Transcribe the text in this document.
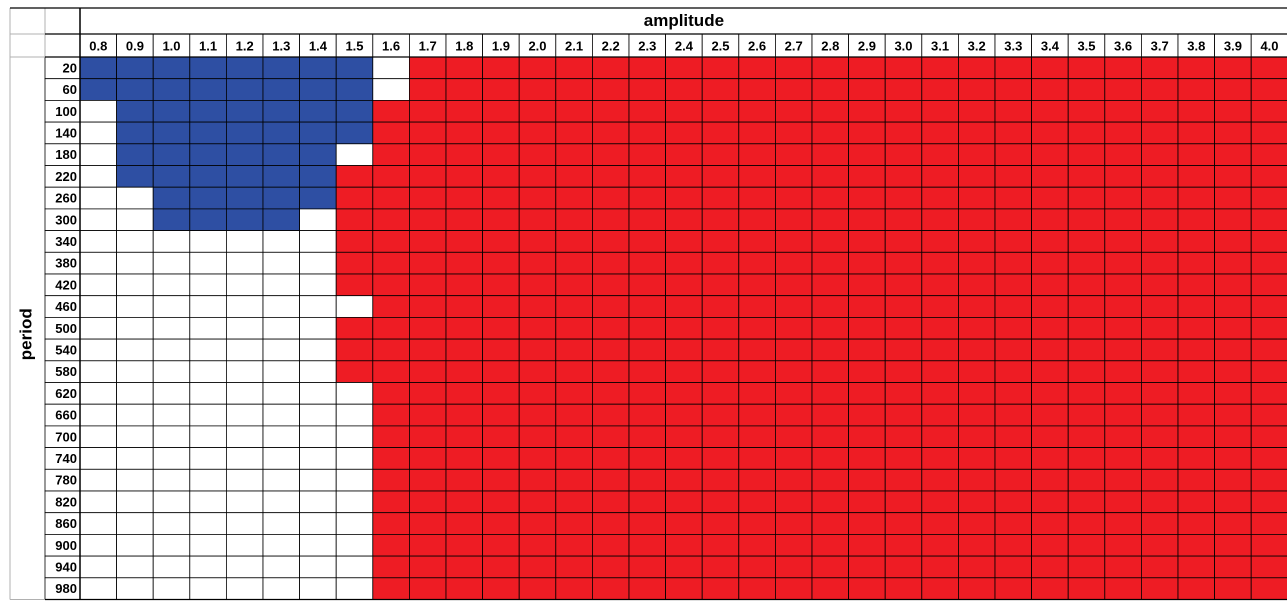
0.8 0.9 1.0 1.1 1.2 1.3 1.4 1.5 1.6 1.7 1.8 1.9 2.0 2.1 2.2 2.3 2.4 2.5 2.6 2.7 2.8 2.9 3.0 3.1 3.2 3.3 3.4 3.5 3.6 3.7 3.8 3.9 4.0
20
60
100
140
180
220
260
300
340
380
420
460
500
540
580
620
660
700
740
780
820
860
900
940
980
amplitude
period
